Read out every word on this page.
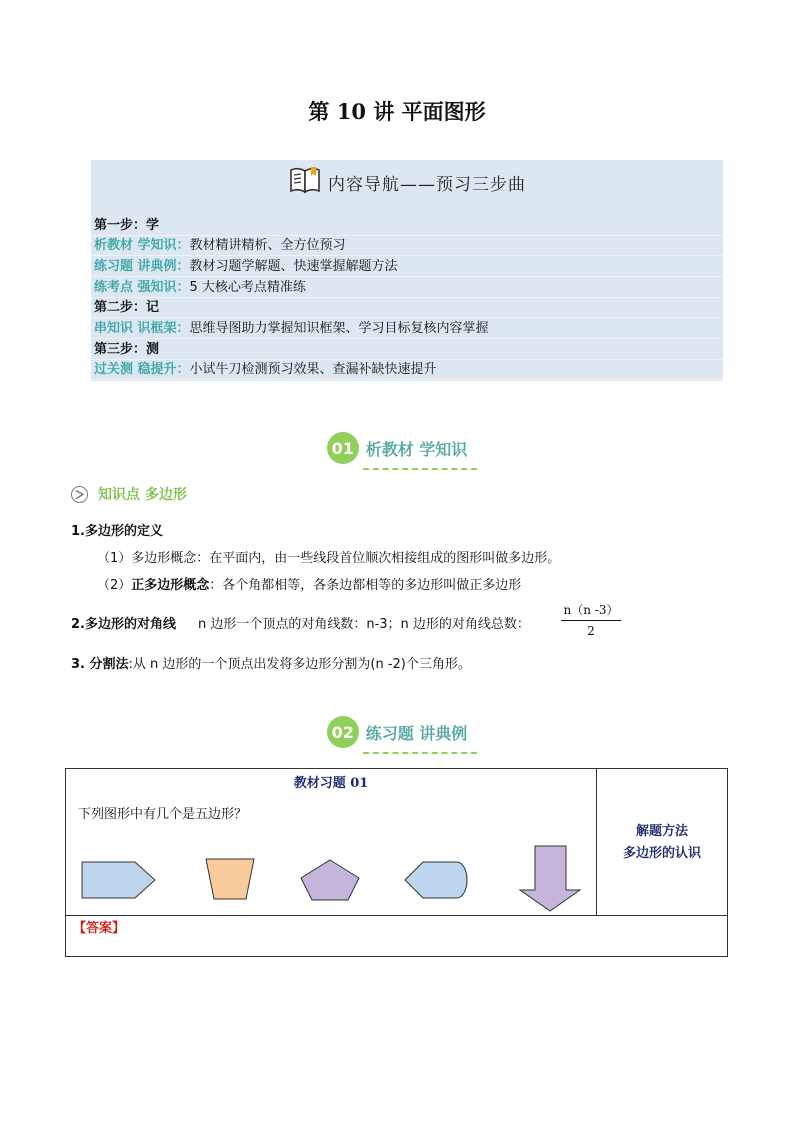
第 10 讲 平面图形
内容导航——预习三步曲
第一步：学
析教材 学知识：教材精讲精析、全方位预习
练习题 讲典例：教材习题学解题、快速掌握解题方法
练考点 强知识：5 大核心考点精准练
第二步：记
串知识 识框架：思维导图助力掌握知识框架、学习目标复核内容掌握
第三步：测
过关测 稳提升：小试牛刀检测预习效果、查漏补缺快速提升
01 析教材 学知识
知识点 多边形
1.多边形的定义
（1）多边形概念：在平面内，由一些线段首位顺次相接组成的图形叫做多边形。
（2）正多边形概念：各个角都相等，各条边都相等的多边形叫做正多边形
2.多边形的对角线 n 边形一个顶点的对角线数：n-3；n 边形的对角线总数：	$\frac{n(n -3)}{2}$
3. 分割法:从 n 边形的一个顶点出发将多边形分割为(n -2)个三角形。
02 练习题 讲典例
教材习题 01
下列图形中有几个是五边形？
解题方法
多边形的认识
【答案】
